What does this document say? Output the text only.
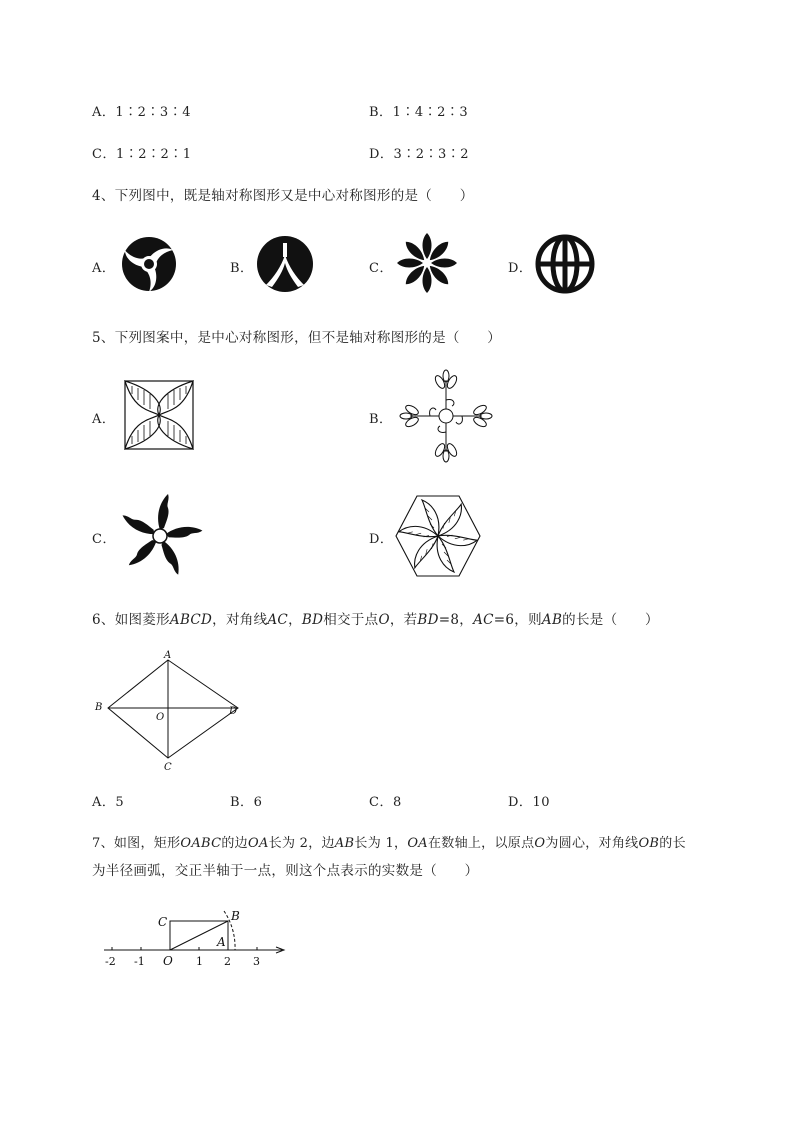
A．1∶2∶3∶4	B．1∶4∶2∶3
C．1∶2∶2∶1	D．3∶2∶3∶2
4、下列图中，既是轴对称图形又是中心对称图形的是（　　）
A．	B．	C．	D．
5、下列图案中，是中心对称图形，但不是轴对称图形的是（　　）
A．	B．
C．	D．
6、如图菱形ABCD，对角线AC，BD相交于点O，若BD=8，AC=6，则AB的长是（　　）
A
B	D
C
O
A．5	B．6	C．8	D．10
7、如图，矩形OABC的边OA长为 2，边AB长为 1，OA在数轴上，以原点O为圆心，对角线OB的长
为半径画弧，交正半轴于一点，则这个点表示的实数是（　　）
C	B
A
O
-2 -1	1 2 3
